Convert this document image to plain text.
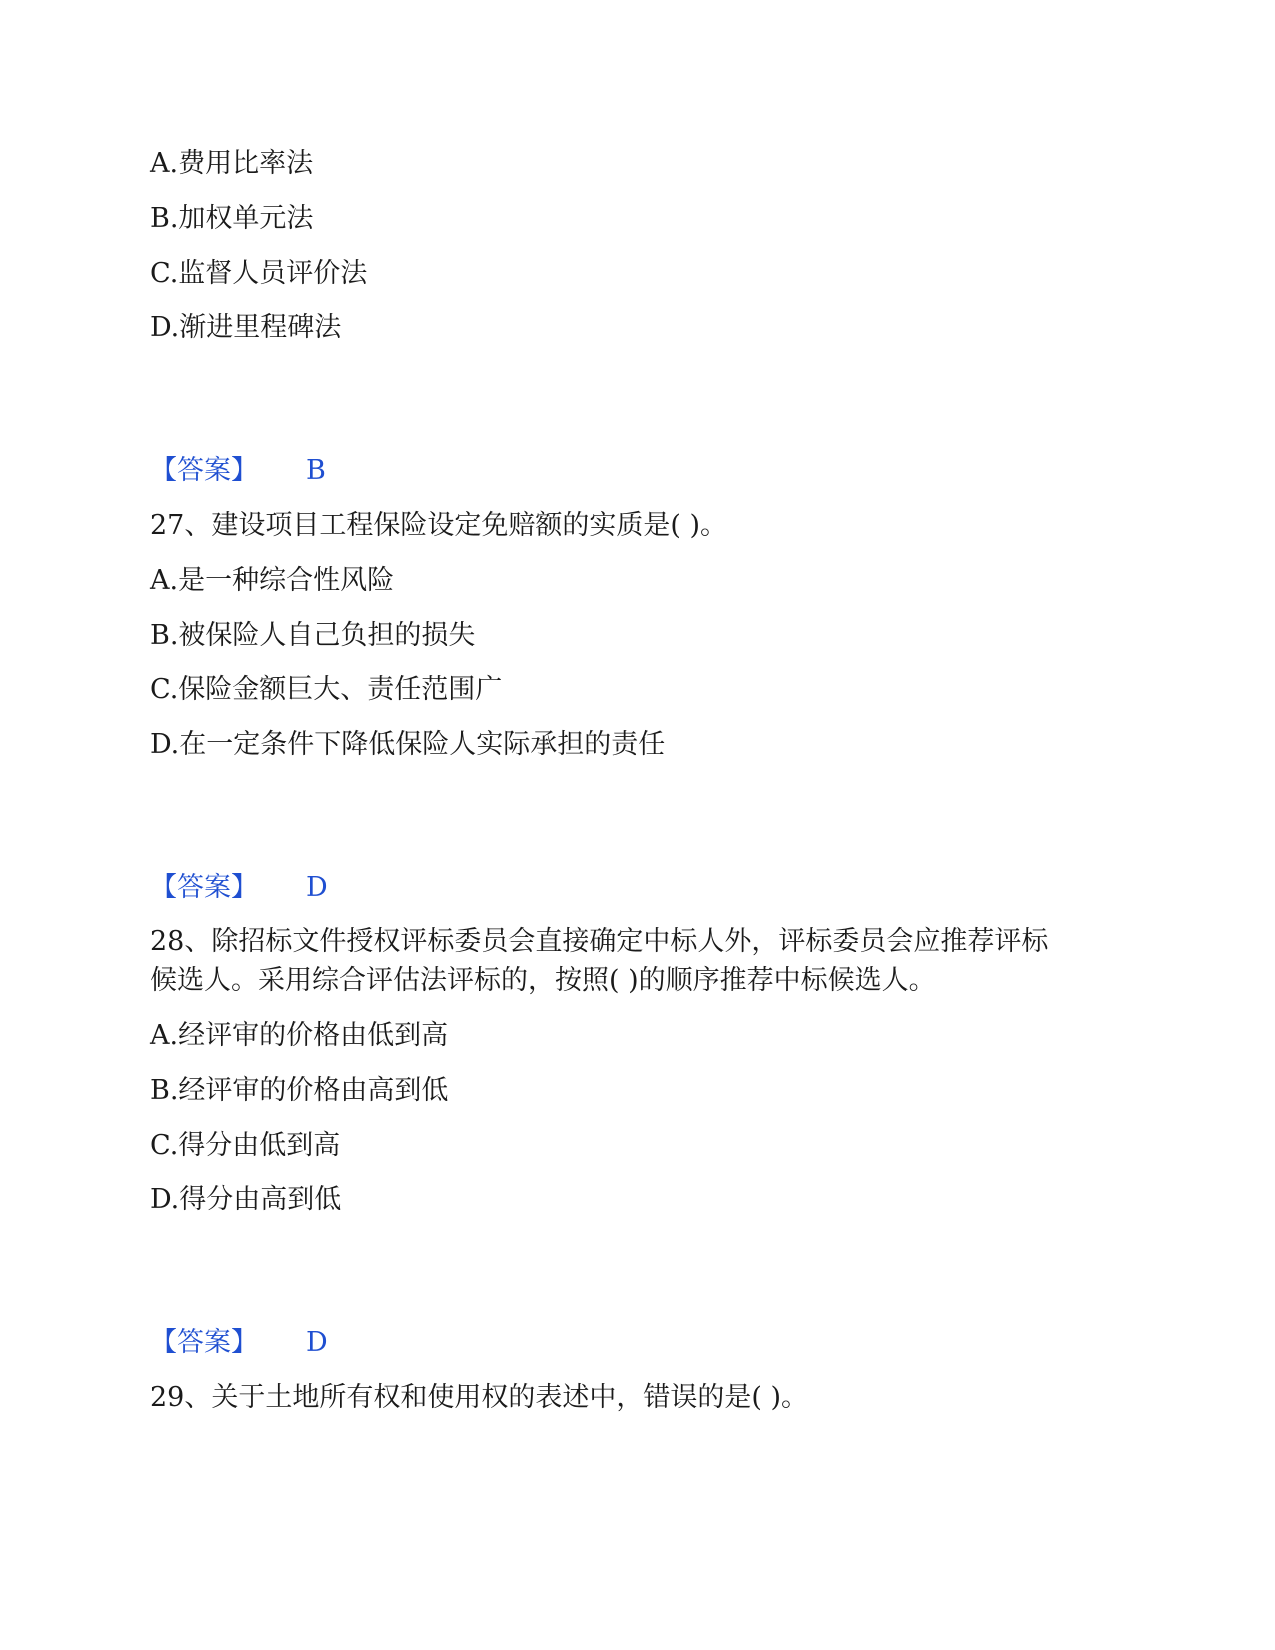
A.费用比率法
B.加权单元法
C.监督人员评价法
D.渐进里程碑法
【答案】 B
27、建设项目工程保险设定免赔额的实质是( )。
A.是一种综合性风险
B.被保险人自己负担的损失
C.保险金额巨大、责任范围广
D.在一定条件下降低保险人实际承担的责任
【答案】 D
28、除招标文件授权评标委员会直接确定中标人外，评标委员会应推荐评标
候选人。采用综合评估法评标的，按照( )的顺序推荐中标候选人。
A.经评审的价格由低到高
B.经评审的价格由高到低
C.得分由低到高
D.得分由高到低
【答案】 D
29、关于土地所有权和使用权的表述中，错误的是( )。
